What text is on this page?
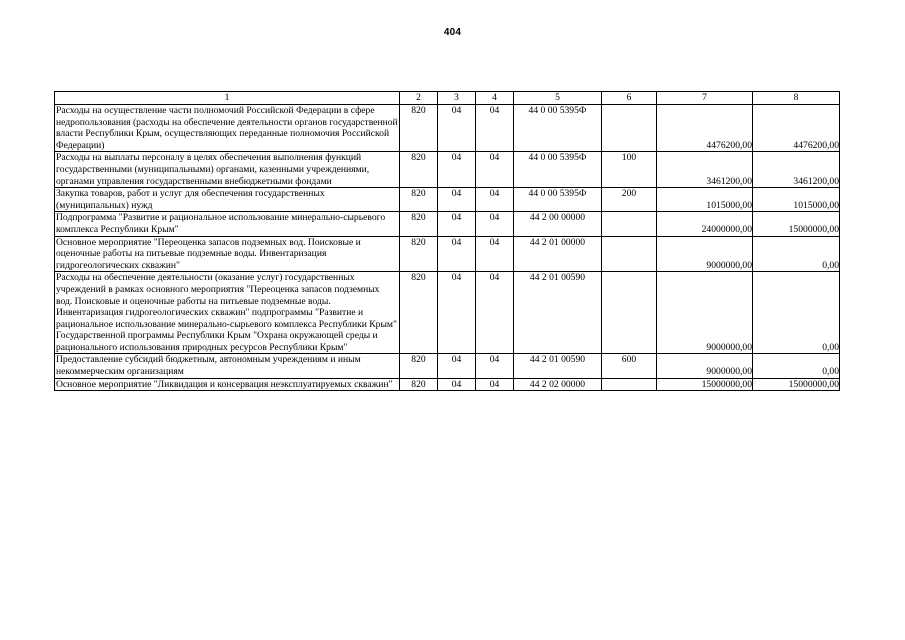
404
1	2	3	4	5	6	7	8
Расходы на осуществление части полномочий Российской Федерации в сфере недропользования (расходы на обеспечение деятельности органов государственной власти Республики Крым, осуществляющих переданные полномочия Российской Федерации)	820	04	04	44 0 00 5395Ф		4476200,00	4476200,00
Расходы на выплаты персоналу в целях обеспечения выполнения функций государственными (муниципальными) органами, казенными учреждениями, органами управления государственными внебюджетными фондами	820	04	04	44 0 00 5395Ф	100	3461200,00	3461200,00
Закупка товаров, работ и услуг для обеспечения государственных (муниципальных) нужд	820	04	04	44 0 00 5395Ф	200	1015000,00	1015000,00
Подпрограмма "Развитие и рациональное использование минерально-сырьевого комплекса Республики Крым"	820	04	04	44 2 00 00000		24000000,00	15000000,00
Основное мероприятие "Переоценка запасов подземных вод. Поисковые и оценочные работы на питьевые подземные воды. Инвентаризация гидрогеологических скважин"	820	04	04	44 2 01 00000		9000000,00	0,00
Расходы на обеспечение деятельности (оказание услуг) государственных учреждений в рамках основного мероприятия "Переоценка запасов подземных вод. Поисковые и оценочные работы на питьевые подземные воды. Инвентаризация гидрогеологических скважин" подпрограммы "Развитие и рациональное использование минерально-сырьевого комплекса Республики Крым" Государственной программы Республики Крым "Охрана окружающей среды и рационального использования природных ресурсов Республики Крым"	820	04	04	44 2 01 00590		9000000,00	0,00
Предоставление субсидий бюджетным, автономным учреждениям и иным некоммерческим организациям	820	04	04	44 2 01 00590	600	9000000,00	0,00
Основное мероприятие "Ликвидация и консервация неэксплуатируемых скважин"	820	04	04	44 2 02 00000		15000000,00	15000000,00
